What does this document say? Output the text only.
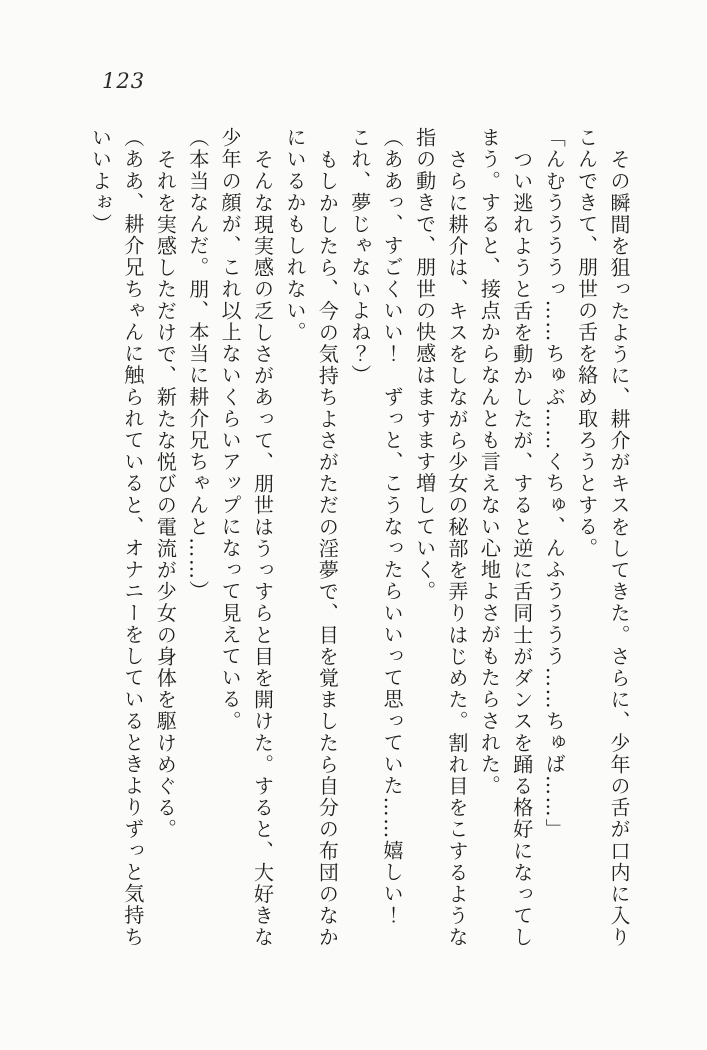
123
その瞬間を狙ったように、耕介がキスをしてきた。さらに、少年の舌が口内に入り
こんできて、朋世の舌を絡め取ろうとする。
「んむううううっ……ちゅぶ……くちゅ、んふうううう……ちゅば……」
つい逃れようと舌を動かしたが、すると逆に舌同士がダンスを踊る格好になってし
まう。すると、接点からなんとも言えない心地よさがもたらされた。
さらに耕介は、キスをしながら少女の秘部を弄りはじめた。割れ目をこするような
指の動きで、朋世の快感はますます増していく。
（ああっ、すごくいい！　ずっと、こうなったらいいって思っていた……嬉しい！
これ、夢じゃないよね？）
もしかしたら、今の気持ちよさがただの淫夢で、目を覚ましたら自分の布団のなか
にいるかもしれない。
そんな現実感の乏しさがあって、朋世はうっすらと目を開けた。すると、大好きな
少年の顔が、これ以上ないくらいアップになって見えている。
（本当なんだ。朋、本当に耕介兄ちゃんと……）
それを実感しただけで、新たな悦びの電流が少女の身体を駆けめぐる。
（ああ、耕介兄ちゃんに触られていると、オナニーをしているときよりずっと気持ち
いいよぉ）
